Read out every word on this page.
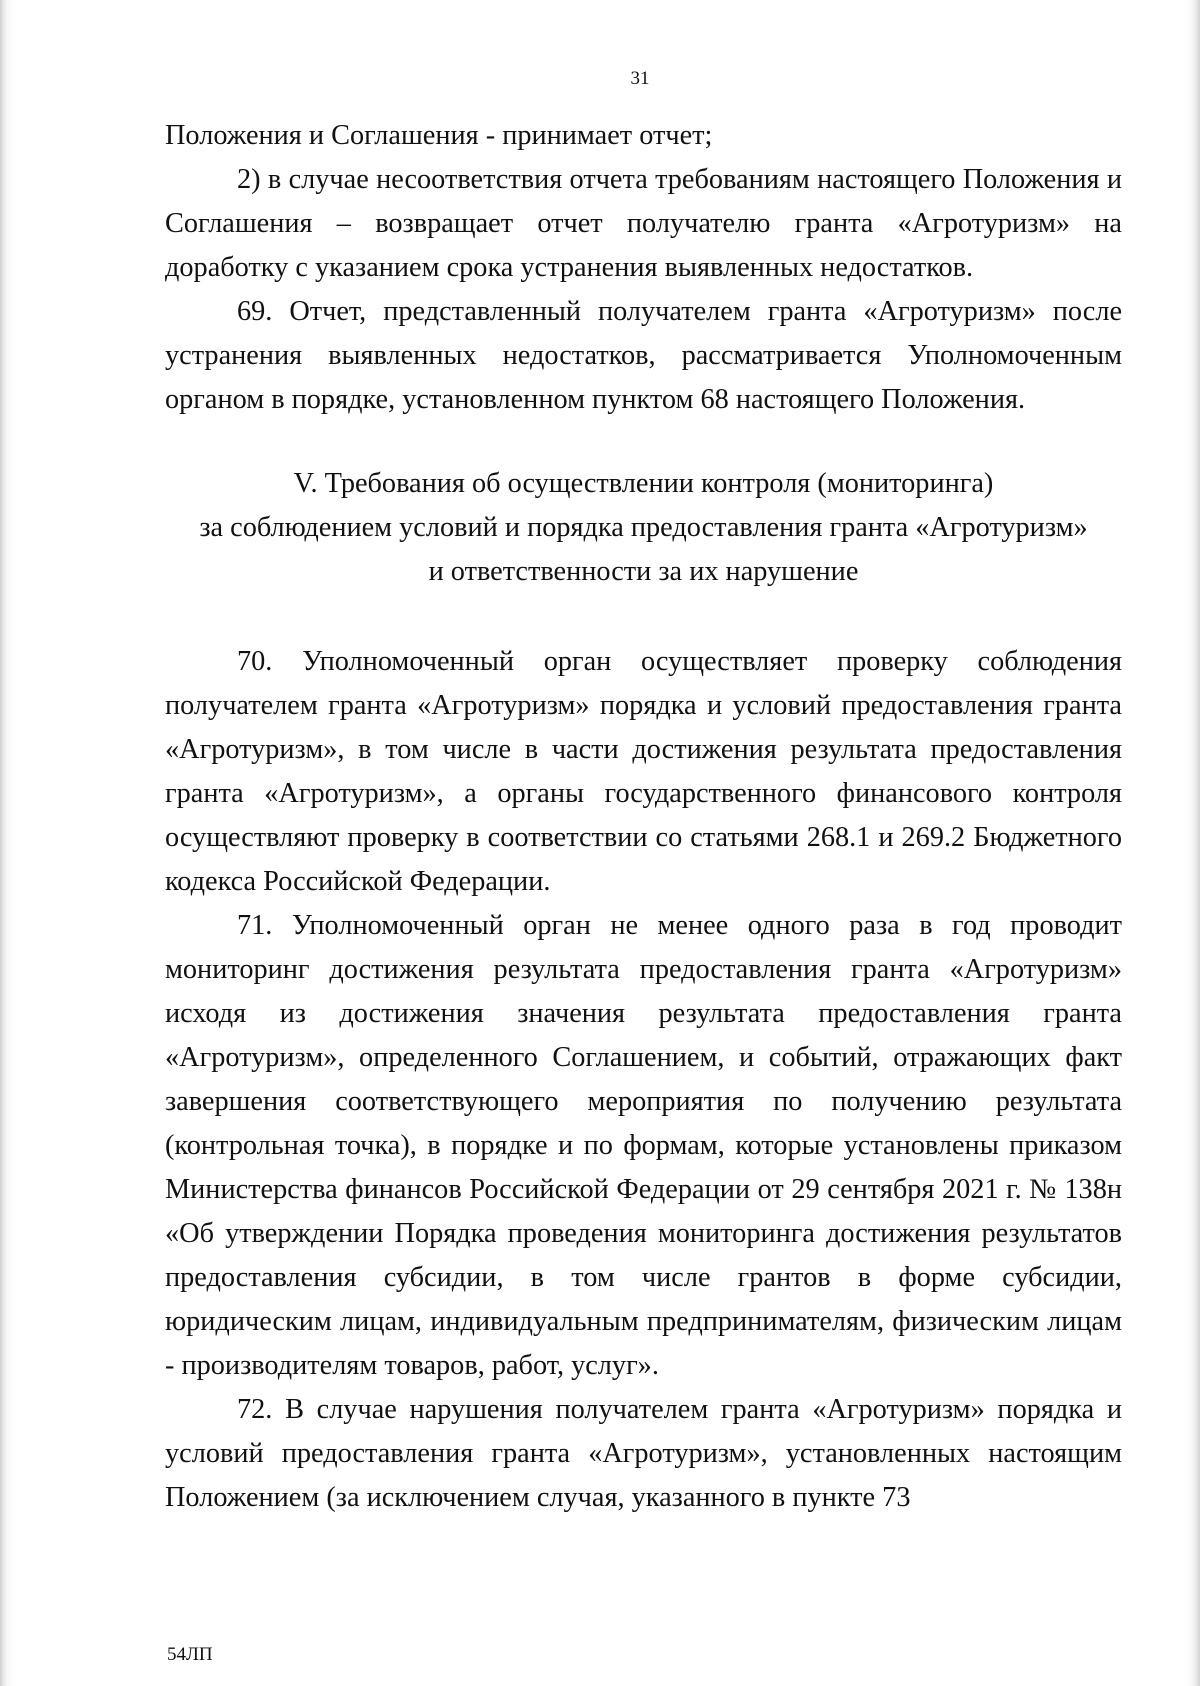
31

Положения и Соглашения - принимает отчет;

2) в случае несоответствия отчета требованиям настоящего Положения и Соглашения – возвращает отчет получателю гранта «Агротуризм» на доработку с указанием срока устранения выявленных недостатков.

69. Отчет, представленный получателем гранта «Агротуризм» после устранения выявленных недостатков, рассматривается Уполномоченным органом в порядке, установленном пунктом 68 настоящего Положения.

V. Требования об осуществлении контроля (мониторинга)
за соблюдением условий и порядка предоставления гранта «Агротуризм»
и ответственности за их нарушение

70. Уполномоченный орган осуществляет проверку соблюдения получателем гранта «Агротуризм» порядка и условий предоставления гранта «Агротуризм», в том числе в части достижения результата предоставления гранта «Агротуризм», а органы государственного финансового контроля осуществляют проверку в соответствии со статьями 268.1 и 269.2 Бюджетного кодекса Российской Федерации.

71. Уполномоченный орган не менее одного раза в год проводит мониторинг достижения результата предоставления гранта «Агротуризм» исходя из достижения значения результата предоставления гранта «Агротуризм», определенного Соглашением, и событий, отражающих факт завершения соответствующего мероприятия по получению результата (контрольная точка), в порядке и по формам, которые установлены приказом Министерства финансов Российской Федерации от 29 сентября 2021 г. № 138н «Об утверждении Порядка проведения мониторинга достижения результатов предоставления субсидии, в том числе грантов в форме субсидии, юридическим лицам, индивидуальным предпринимателям, физическим лицам - производителям товаров, работ, услуг».

72. В случае нарушения получателем гранта «Агротуризм» порядка и условий предоставления гранта «Агротуризм», установленных настоящим Положением (за исключением случая, указанного в пункте 73

54ЛП
